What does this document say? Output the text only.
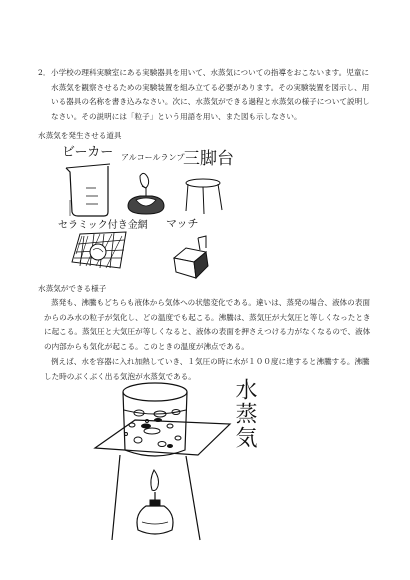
2． 小学校の理科実験室にある実験器具を用いて、水蒸気についての指導をおこないます。児童に水蒸気を観察させるための実験装置を組み立てる必要があります。その実験装置を図示し、用いる器具の名称を書き込みなさい。次に、水蒸気ができる過程と水蒸気の様子について説明しなさい。その説明には「粒子」という用語を用い、また図も示しなさい。
水蒸気を発生させる道具
ビーカー アルコールランプ
三脚台
セラミック付き金網 マッチ
水蒸気ができる様子
蒸発も、沸騰もどちらも液体から気体への状態変化である。違いは、蒸発の場合、液体の表面からのみ水の粒子が気化し、どの温度でも起こる。沸騰は、蒸気圧が大気圧と等しくなったときに起こる。蒸気圧と大気圧が等しくなると、液体の表面を押さえつける力がなくなるので、液体の内部からも気化が起こる。このときの温度が沸点である。
例えば、水を容器に入れ加熱していき、１気圧の時に水が１００度に達すると沸騰する。沸騰した時のぶくぶく出る気泡が水蒸気である。
水蒸気
